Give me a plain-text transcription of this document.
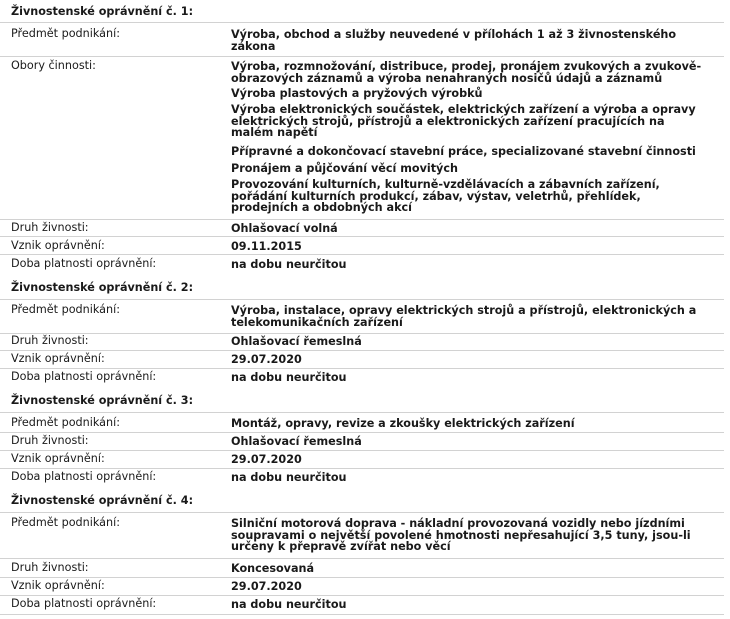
Živnostenské oprávnění č. 1:
Předmět podnikání:	Výroba, obchod a služby neuvedené v přílohách 1 až 3 živnostenského zákona
Obory činnosti:	Výroba, rozmnožování, distribuce, prodej, pronájem zvukových a zvukově-obrazových záznamů a výroba nenahraných nosičů údajů a záznamů
Výroba plastových a pryžových výrobků
Výroba elektronických součástek, elektrických zařízení a výroba a opravy elektrických strojů, přístrojů a elektronických zařízení pracujících na malém napětí
Přípravné a dokončovací stavební práce, specializované stavební činnosti
Pronájem a půjčování věcí movitých
Provozování kulturních, kulturně-vzdělávacích a zábavních zařízení, pořádání kulturních produkcí, zábav, výstav, veletrhů, přehlídek, prodejních a obdobných akcí
Druh živnosti:	Ohlašovací volná
Vznik oprávnění:	09.11.2015
Doba platnosti oprávnění:	na dobu neurčitou
Živnostenské oprávnění č. 2:
Předmět podnikání:	Výroba, instalace, opravy elektrických strojů a přístrojů, elektronických a telekomunikačních zařízení
Druh živnosti:	Ohlašovací řemeslná
Vznik oprávnění:	29.07.2020
Doba platnosti oprávnění:	na dobu neurčitou
Živnostenské oprávnění č. 3:
Předmět podnikání:	Montáž, opravy, revize a zkoušky elektrických zařízení
Druh živnosti:	Ohlašovací řemeslná
Vznik oprávnění:	29.07.2020
Doba platnosti oprávnění:	na dobu neurčitou
Živnostenské oprávnění č. 4:
Předmět podnikání:	Silniční motorová doprava - nákladní provozovaná vozidly nebo jízdními soupravami o největší povolené hmotnosti nepřesahující 3,5 tuny, jsou-li určeny k přepravě zvířat nebo věcí
Druh živnosti:	Koncesovaná
Vznik oprávnění:	29.07.2020
Doba platnosti oprávnění:	na dobu neurčitou
